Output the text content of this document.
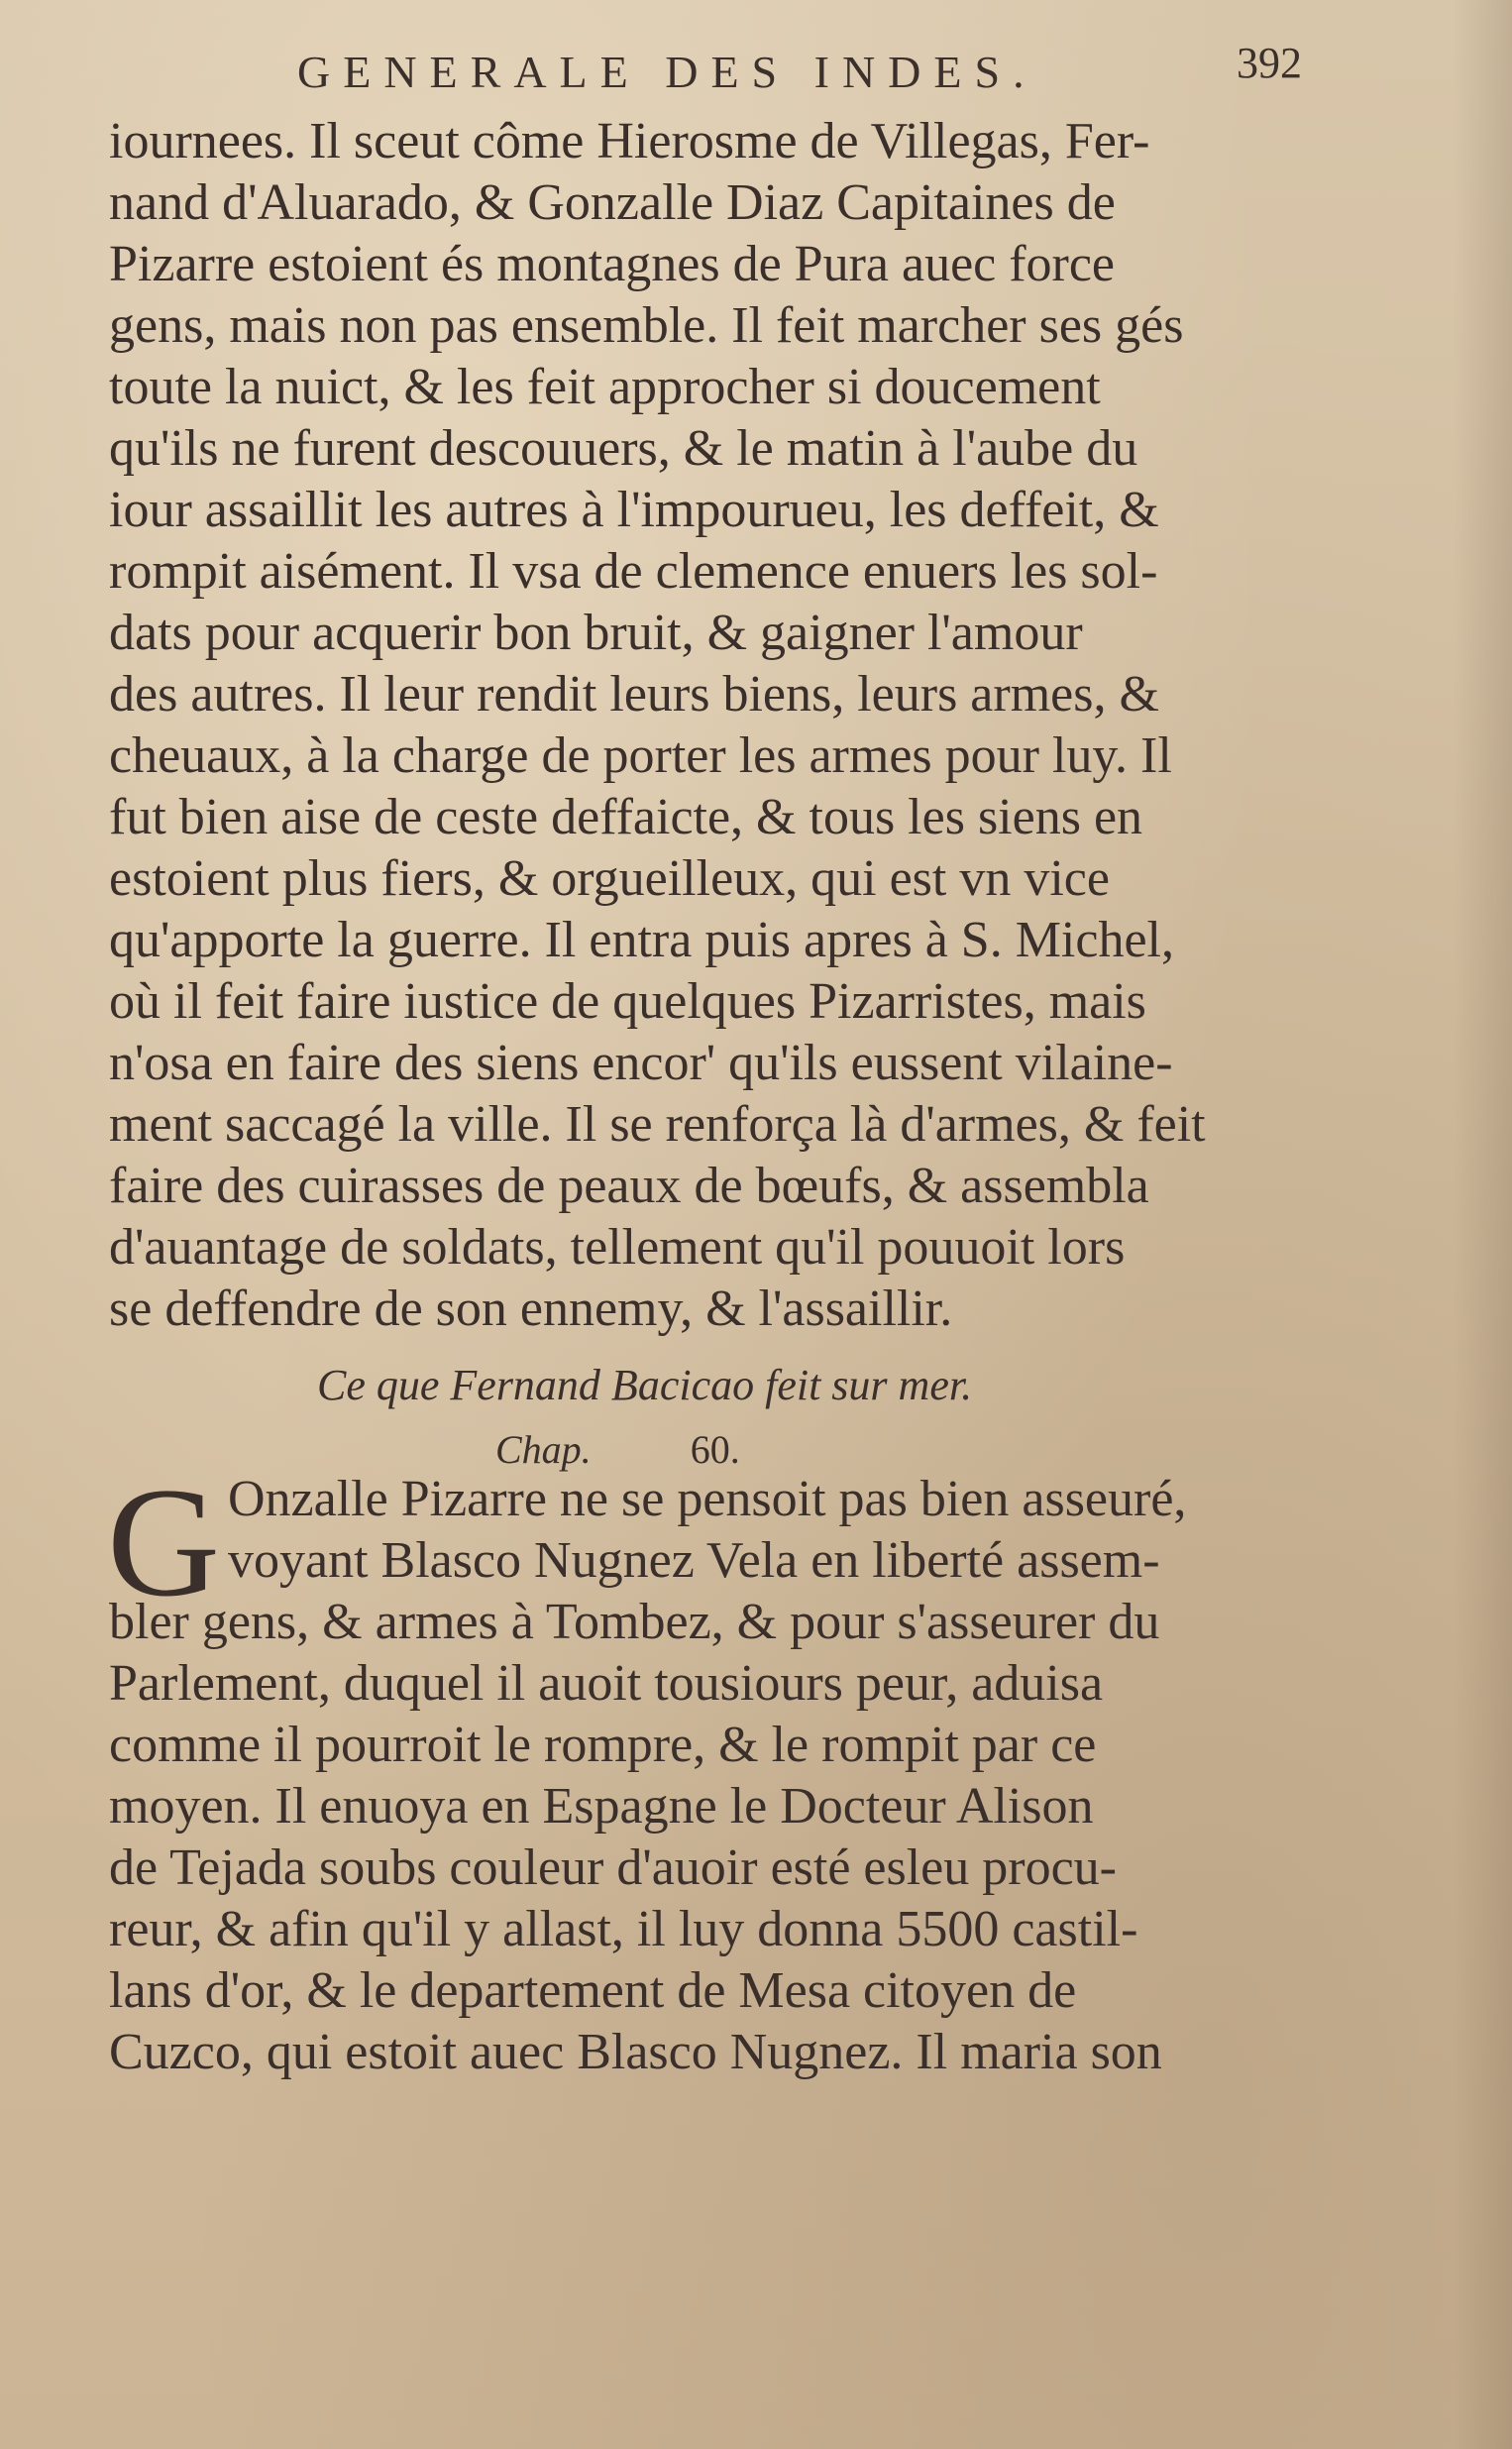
GENERALE DES INDES.	392
iournees. Il sceut côme Hierosme de Villegas, Fer-
nand d'Aluarado, & Gonzalle Diaz Capitaines de
Pizarre estoient és montagnes de Pura auec force
gens, mais non pas ensemble. Il feit marcher ses gés
toute la nuict, & les feit approcher si doucement
qu'ils ne furent descouuers, & le matin à l'aube du
iour assaillit les autres à l'impourueu, les deffeit, &
rompit aisément. Il vsa de clemence enuers les sol-
dats pour acquerir bon bruit, & gaigner l'amour
des autres. Il leur rendit leurs biens, leurs armes, &
cheuaux, à la charge de porter les armes pour luy. Il
fut bien aise de ceste deffaicte, & tous les siens en
estoient plus fiers, & orgueilleux, qui est vn vice
qu'apporte la guerre. Il entra puis apres à S. Michel,
où il feit faire iustice de quelques Pizarristes, mais
n'osa en faire des siens encor' qu'ils eussent vilaine-
ment saccagé la ville. Il se renforça là d'armes, & feit
faire des cuirasses de peaux de bœufs, & assembla
d'auantage de soldats, tellement qu'il pouuoit lors
se deffendre de son ennemy, & l'assaillir.
Ce que Fernand Bacicao feit sur mer.
Chap.	60.
G Onzalle Pizarre ne se pensoit pas bien asseuré,
voyant Blasco Nugnez Vela en liberté assem-
bler gens, & armes à Tombez, & pour s'asseurer du
Parlement, duquel il auoit tousiours peur, aduisa
comme il pourroit le rompre, & le rompit par ce
moyen. Il enuoya en Espagne le Docteur Alison
de Tejada soubs couleur d'auoir esté esleu procu-
reur, & afin qu'il y allast, il luy donna 5500 castil-
lans d'or, & le departement de Mesa citoyen de
Cuzco, qui estoit auec Blasco Nugnez. Il maria son
